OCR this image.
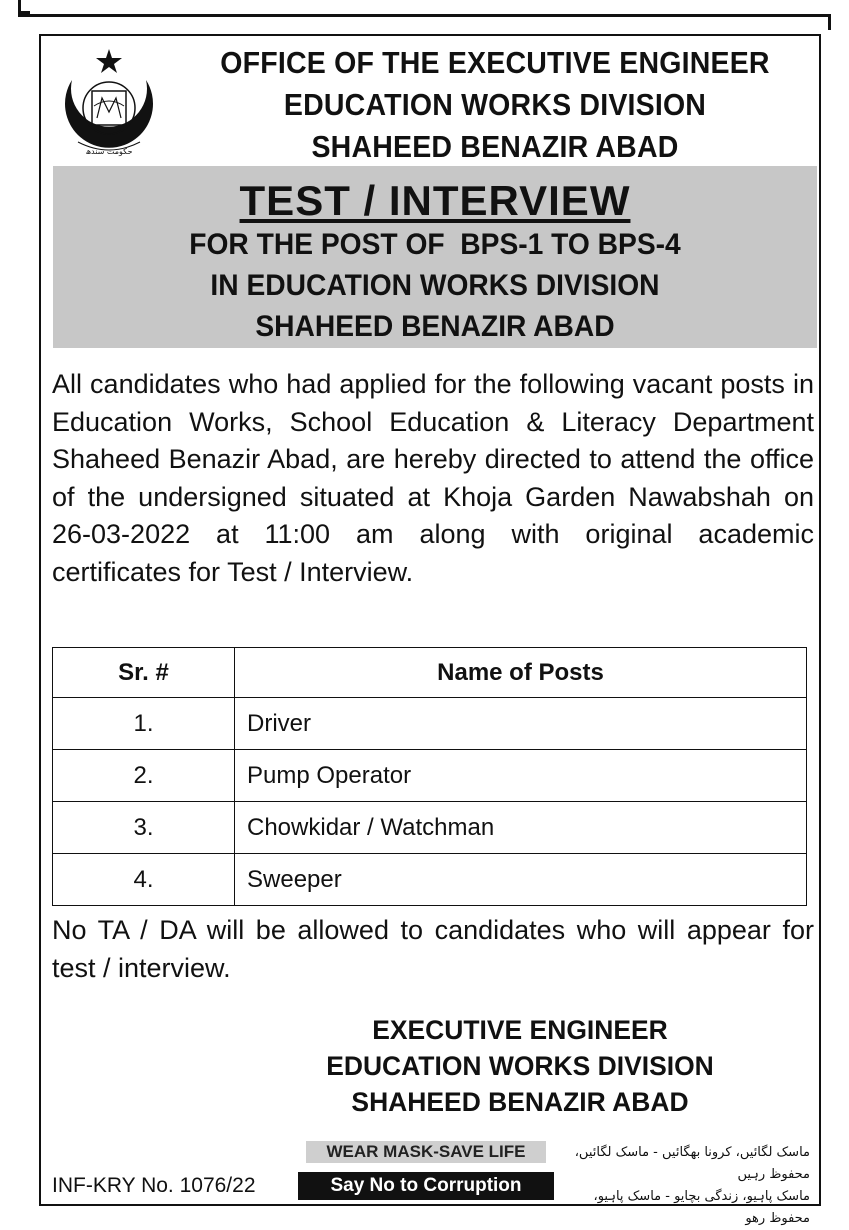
حکومت سندھ
OFFICE OF THE EXECUTIVE ENGINEER
EDUCATION WORKS DIVISION
SHAHEED BENAZIR ABAD
TEST / INTERVIEW
FOR THE POST OF  BPS-1 TO BPS-4
IN EDUCATION WORKS DIVISION
SHAHEED BENAZIR ABAD

All candidates who had applied for the following vacant posts in Education Works, School Education & Literacy Department Shaheed Benazir Abad, are hereby directed to attend the office of the undersigned situated at Khoja Garden Nawabshah on 26-03-2022 at 11:00 am along with original academic certificates for Test / Interview.

Sr. #	Name of Posts
1.	Driver
2.	Pump Operator
3.	Chowkidar / Watchman
4.	Sweeper

No TA / DA will be allowed to candidates who will appear for test / interview.

EXECUTIVE ENGINEER
EDUCATION WORKS DIVISION
SHAHEED BENAZIR ABAD
WEAR MASK-SAVE LIFE
Say No to Corruption
INF-KRY No. 1076/22
ماسک لگائیں، کرونا بھگائیں - ماسک لگائیں، محفوظ رہیں
ماسک پاہیو، زندگی بچایو - ماسک پاہیو، محفوظ رھو
